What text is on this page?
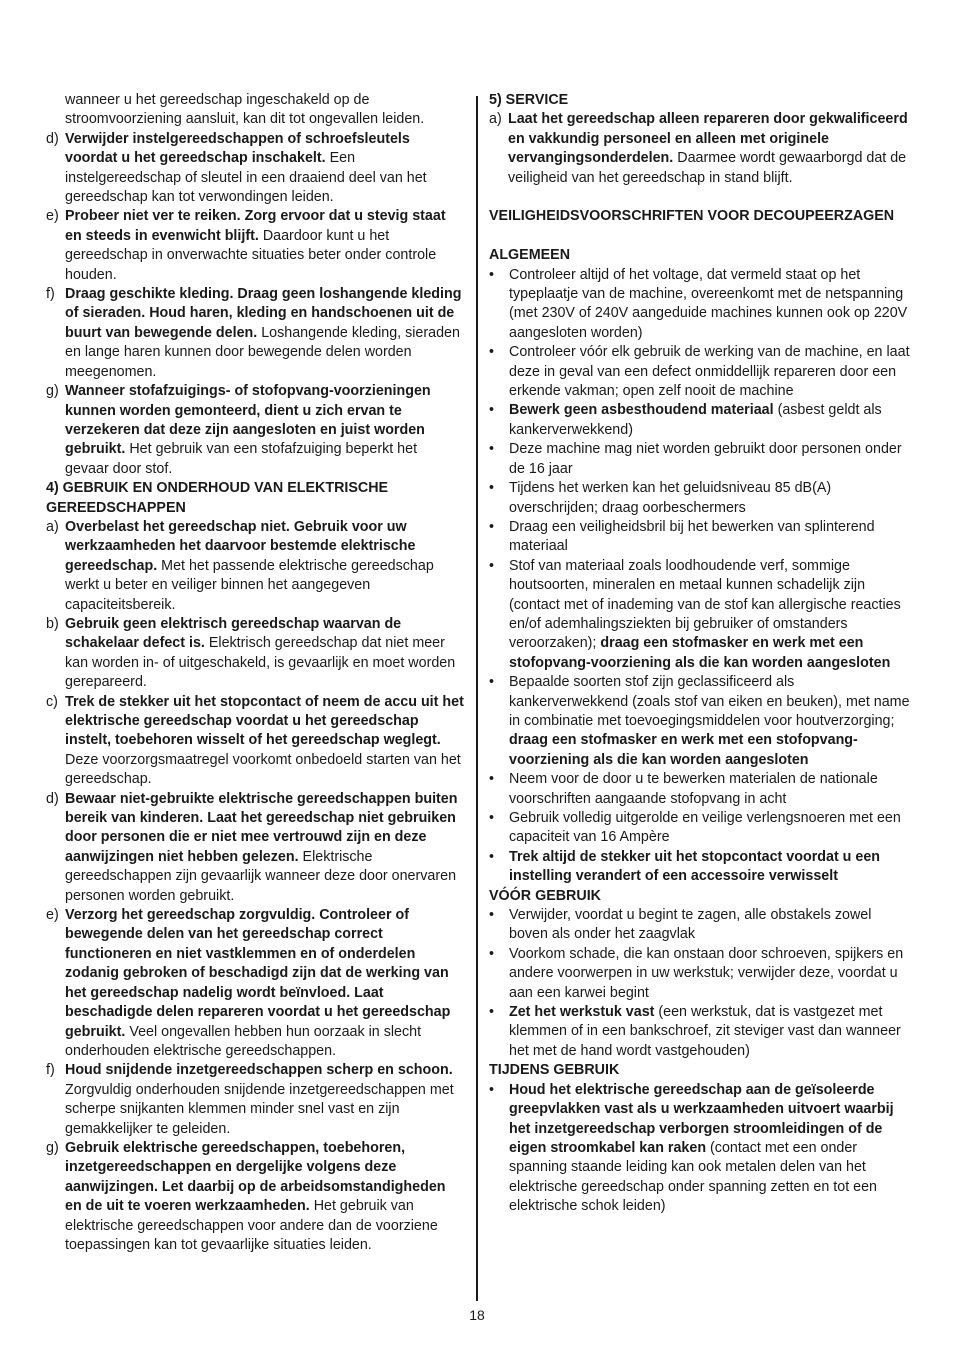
wanneer u het gereedschap ingeschakeld op de stroomvoorziening aansluit, kan dit tot ongevallen leiden.

d) Verwijder instelgereedschappen of schroefsleutels voordat u het gereedschap inschakelt. Een instelgereedschap of sleutel in een draaiend deel van het gereedschap kan tot verwondingen leiden.
e) Probeer niet ver te reiken. Zorg ervoor dat u stevig staat en steeds in evenwicht blijft. Daardoor kunt u het gereedschap in onverwachte situaties beter onder controle houden.
f) Draag geschikte kleding. Draag geen loshangende kleding of sieraden. Houd haren, kleding en handschoenen uit de buurt van bewegende delen. Loshangende kleding, sieraden en lange haren kunnen door bewegende delen worden meegenomen.
g) Wanneer stofafzuigings- of stofopvang-voorzieningen kunnen worden gemonteerd, dient u zich ervan te verzekeren dat deze zijn aangesloten en juist worden gebruikt. Het gebruik van een stofafzuiging beperkt het gevaar door stof.

4) GEBRUIK EN ONDERHOUD VAN ELEKTRISCHE GEREEDSCHAPPEN

a) Overbelast het gereedschap niet. Gebruik voor uw werkzaamheden het daarvoor bestemde elektrische gereedschap. Met het passende elektrische gereedschap werkt u beter en veiliger binnen het aangegeven capaciteitsbereik.
b) Gebruik geen elektrisch gereedschap waarvan de schakelaar defect is. Elektrisch gereedschap dat niet meer kan worden in- of uitgeschakeld, is gevaarlijk en moet worden gerepareerd.
c) Trek de stekker uit het stopcontact of neem de accu uit het elektrische gereedschap voordat u het gereedschap instelt, toebehoren wisselt of het gereedschap weglegt. Deze voorzorgsmaatregel voorkomt onbedoeld starten van het gereedschap.
d) Bewaar niet-gebruikte elektrische gereedschappen buiten bereik van kinderen. Laat het gereedschap niet gebruiken door personen die er niet mee vertrouwd zijn en deze aanwijzingen niet hebben gelezen. Elektrische gereedschappen zijn gevaarlijk wanneer deze door onervaren personen worden gebruikt.
e) Verzorg het gereedschap zorgvuldig. Controleer of bewegende delen van het gereedschap correct functioneren en niet vastklemmen en of onderdelen zodanig gebroken of beschadigd zijn dat de werking van het gereedschap nadelig wordt beïnvloed. Laat beschadigde delen repareren voordat u het gereedschap gebruikt. Veel ongevallen hebben hun oorzaak in slecht onderhouden elektrische gereedschappen.
f) Houd snijdende inzetgereedschappen scherp en schoon. Zorgvuldig onderhouden snijdende inzetgereedschappen met scherpe snijkanten klemmen minder snel vast en zijn gemakkelijker te geleiden.
g) Gebruik elektrische gereedschappen, toebehoren, inzetgereedschappen en dergelijke volgens deze aanwijzingen. Let daarbij op de arbeidsomstandigheden en de uit te voeren werkzaamheden. Het gebruik van elektrische gereedschappen voor andere dan de voorziene toepassingen kan tot gevaarlijke situaties leiden.

5) SERVICE

a) Laat het gereedschap alleen repareren door gekwalificeerd en vakkundig personeel en alleen met originele vervangingsonderdelen. Daarmee wordt gewaarborgd dat de veiligheid van het gereedschap in stand blijft.

VEILIGHEIDSVOORSCHRIFTEN VOOR DECOUPEERZAGEN

ALGEMEEN

•	Controleer altijd of het voltage, dat vermeld staat op het typeplaatje van de machine, overeenkomt met de netspanning (met 230V of 240V aangeduide machines kunnen ook op 220V aangesloten worden)
•	Controleer vóór elk gebruik de werking van de machine, en laat deze in geval van een defect onmiddellijk repareren door een erkende vakman; open zelf nooit de machine
•	Bewerk geen asbesthoudend materiaal (asbest geldt als kankerverwekkend)
•	Deze machine mag niet worden gebruikt door personen onder de 16 jaar
•	Tijdens het werken kan het geluidsniveau 85 dB(A) overschrijden; draag oorbeschermers
•	Draag een veiligheidsbril bij het bewerken van splinterend materiaal
•	Stof van materiaal zoals loodhoudende verf, sommige houtsoorten, mineralen en metaal kunnen schadelijk zijn (contact met of inademing van de stof kan allergische reacties en/of ademhalingsziekten bij gebruiker of omstanders veroorzaken); draag een stofmasker en werk met een stofopvang-voorziening als die kan worden aangesloten
•	Bepaalde soorten stof zijn geclassificeerd als kankerverwekkend (zoals stof van eiken en beuken), met name in combinatie met toevoegingsmiddelen voor houtverzorging; draag een stofmasker en werk met een stofopvang-voorziening als die kan worden aangesloten
•	Neem voor de door u te bewerken materialen de nationale voorschriften aangaande stofopvang in acht
•	Gebruik volledig uitgerolde en veilige verlengsnoeren met een capaciteit van 16 Ampère
•	Trek altijd de stekker uit het stopcontact voordat u een instelling verandert of een accessoire verwisselt

VÓÓR GEBRUIK

•	Verwijder, voordat u begint te zagen, alle obstakels zowel boven als onder het zaagvlak
•	Voorkom schade, die kan onstaan door schroeven, spijkers en andere voorwerpen in uw werkstuk; verwijder deze, voordat u aan een karwei begint
•	Zet het werkstuk vast (een werkstuk, dat is vastgezet met klemmen of in een bankschroef, zit steviger vast dan wanneer het met de hand wordt vastgehouden)

TIJDENS GEBRUIK

•	Houd het elektrische gereedschap aan de geïsoleerde greepvlakken vast als u werkzaamheden uitvoert waarbij het inzetgereedschap verborgen stroomleidingen of de eigen stroomkabel kan raken (contact met een onder spanning staande leiding kan ook metalen delen van het elektrische gereedschap onder spanning zetten en tot een elektrische schok leiden)
18
